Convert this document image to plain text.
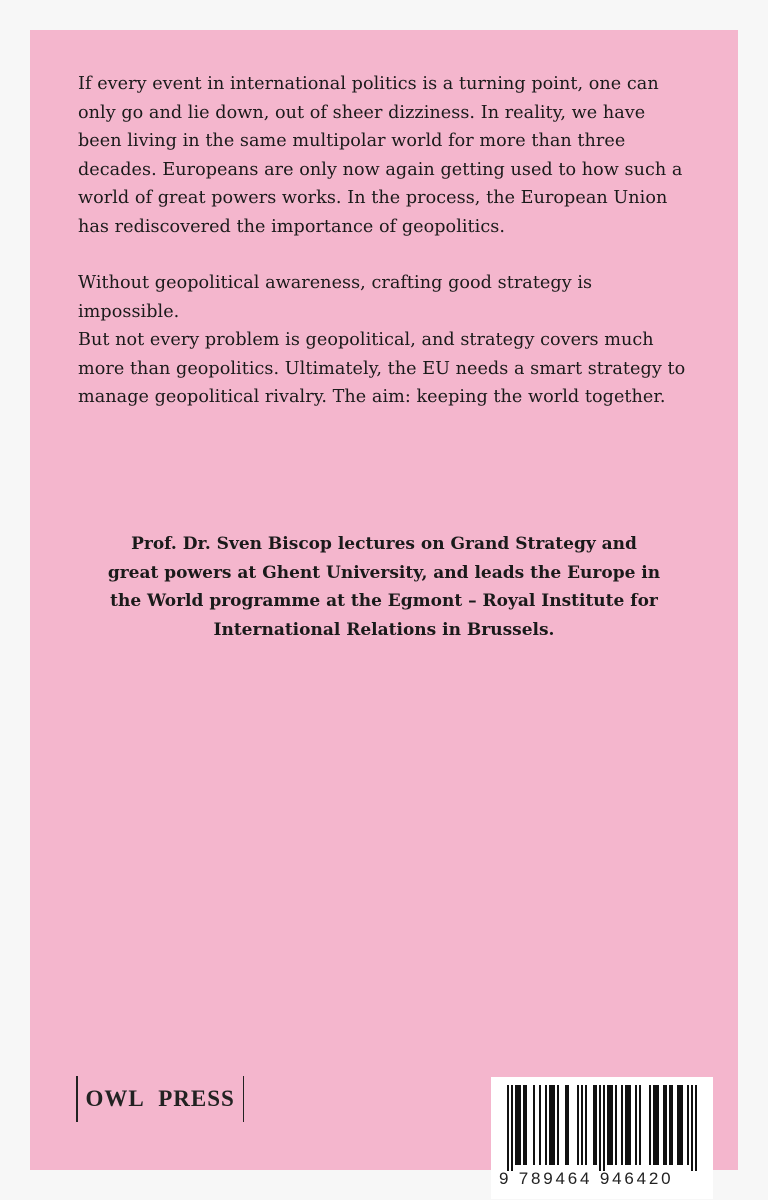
If every event in international politics is a turning point, one can
only go and lie down, out of sheer dizziness. In reality, we have
been living in the same multipolar world for more than three
decades. Europeans are only now again getting used to how such a
world of great powers works. In the process, the European Union
has rediscovered the importance of geopolitics.

Without geopolitical awareness, crafting good strategy is impossible.
But not every problem is geopolitical, and strategy covers much
more than geopolitics. Ultimately, the EU needs a smart strategy to
manage geopolitical rivalry. The aim: keeping the world together.

Prof. Dr. Sven Biscop lectures on Grand Strategy and
great powers at Ghent University, and leads the Europe in
the World programme at the Egmont – Royal Institute for
International Relations in Brussels.
OWL PRESS
9 789464 946420
